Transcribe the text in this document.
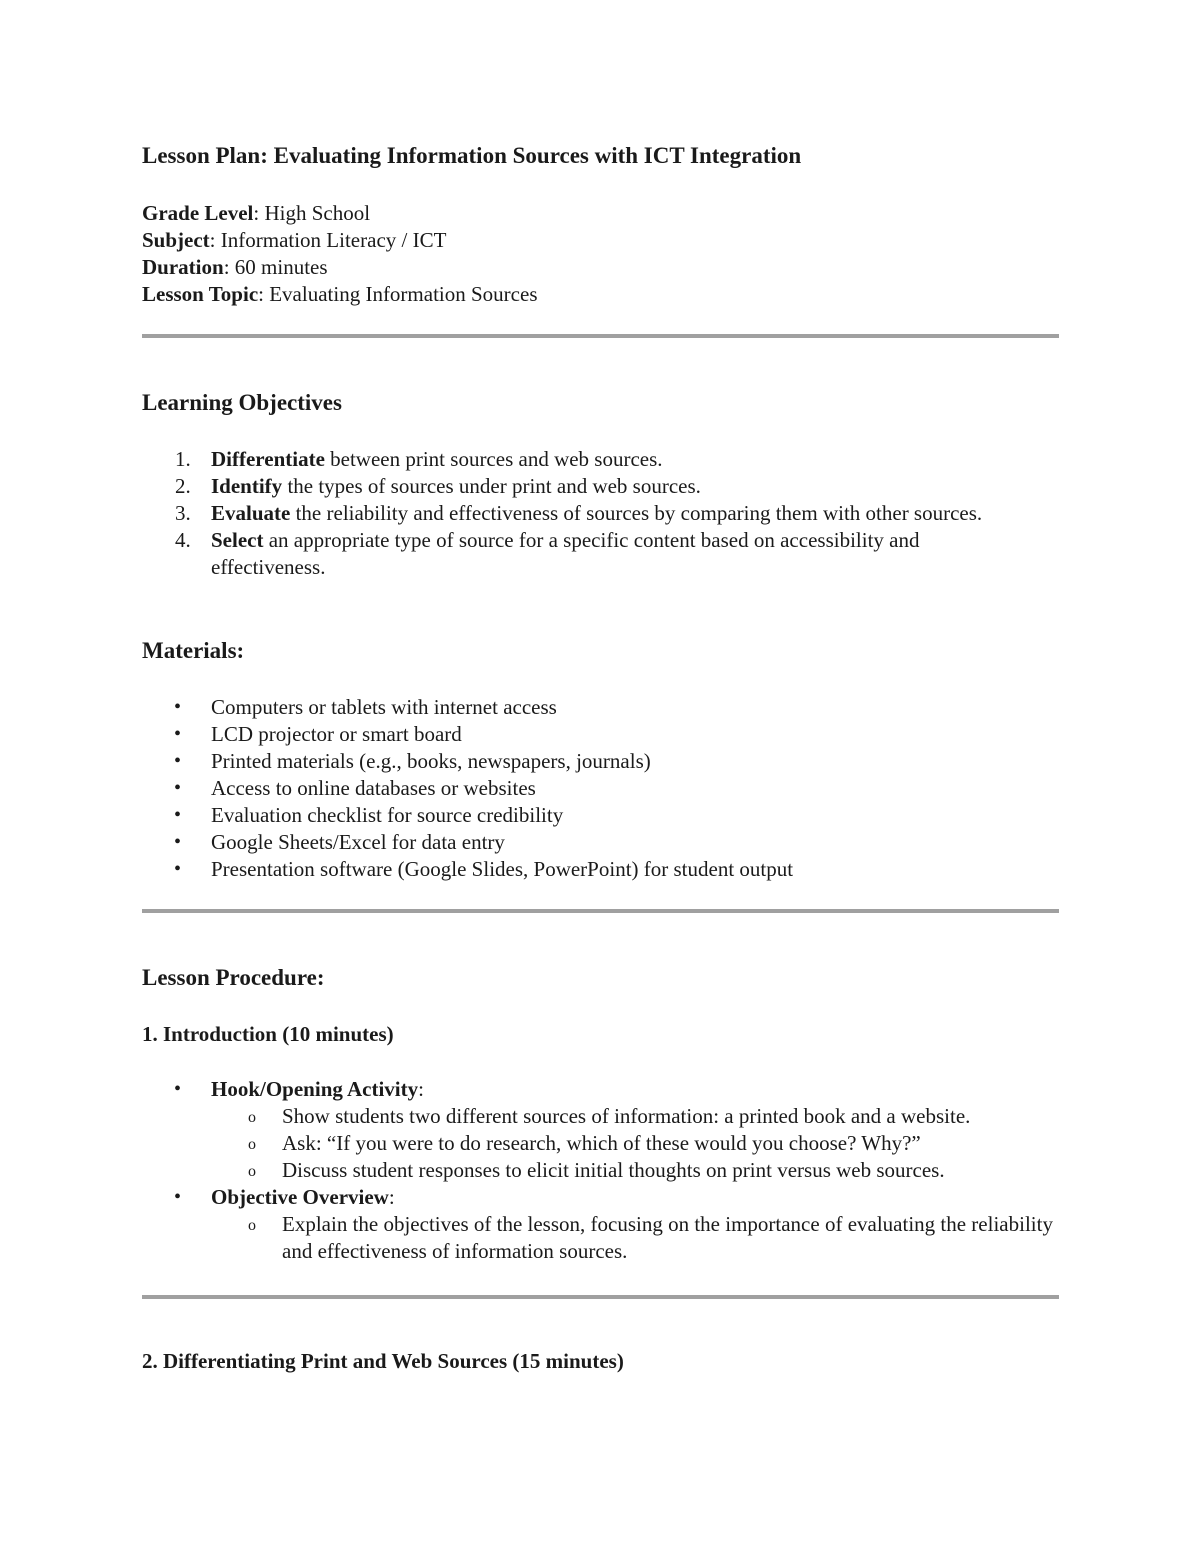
Lesson Plan: Evaluating Information Sources with ICT Integration
Grade Level: High School
Subject: Information Literacy / ICT
Duration: 60 minutes
Lesson Topic: Evaluating Information Sources
Learning Objectives
1. Differentiate between print sources and web sources.
2. Identify the types of sources under print and web sources.
3. Evaluate the reliability and effectiveness of sources by comparing them with other sources.
4. Select an appropriate type of source for a specific content based on accessibility and effectiveness.
Materials:
• Computers or tablets with internet access
• LCD projector or smart board
• Printed materials (e.g., books, newspapers, journals)
• Access to online databases or websites
• Evaluation checklist for source credibility
• Google Sheets/Excel for data entry
• Presentation software (Google Slides, PowerPoint) for student output
Lesson Procedure:
1. Introduction (10 minutes)
• Hook/Opening Activity:
o Show students two different sources of information: a printed book and a website.
o Ask: “If you were to do research, which of these would you choose? Why?”
o Discuss student responses to elicit initial thoughts on print versus web sources.
• Objective Overview:
o Explain the objectives of the lesson, focusing on the importance of evaluating the reliability and effectiveness of information sources.
2. Differentiating Print and Web Sources (15 minutes)
